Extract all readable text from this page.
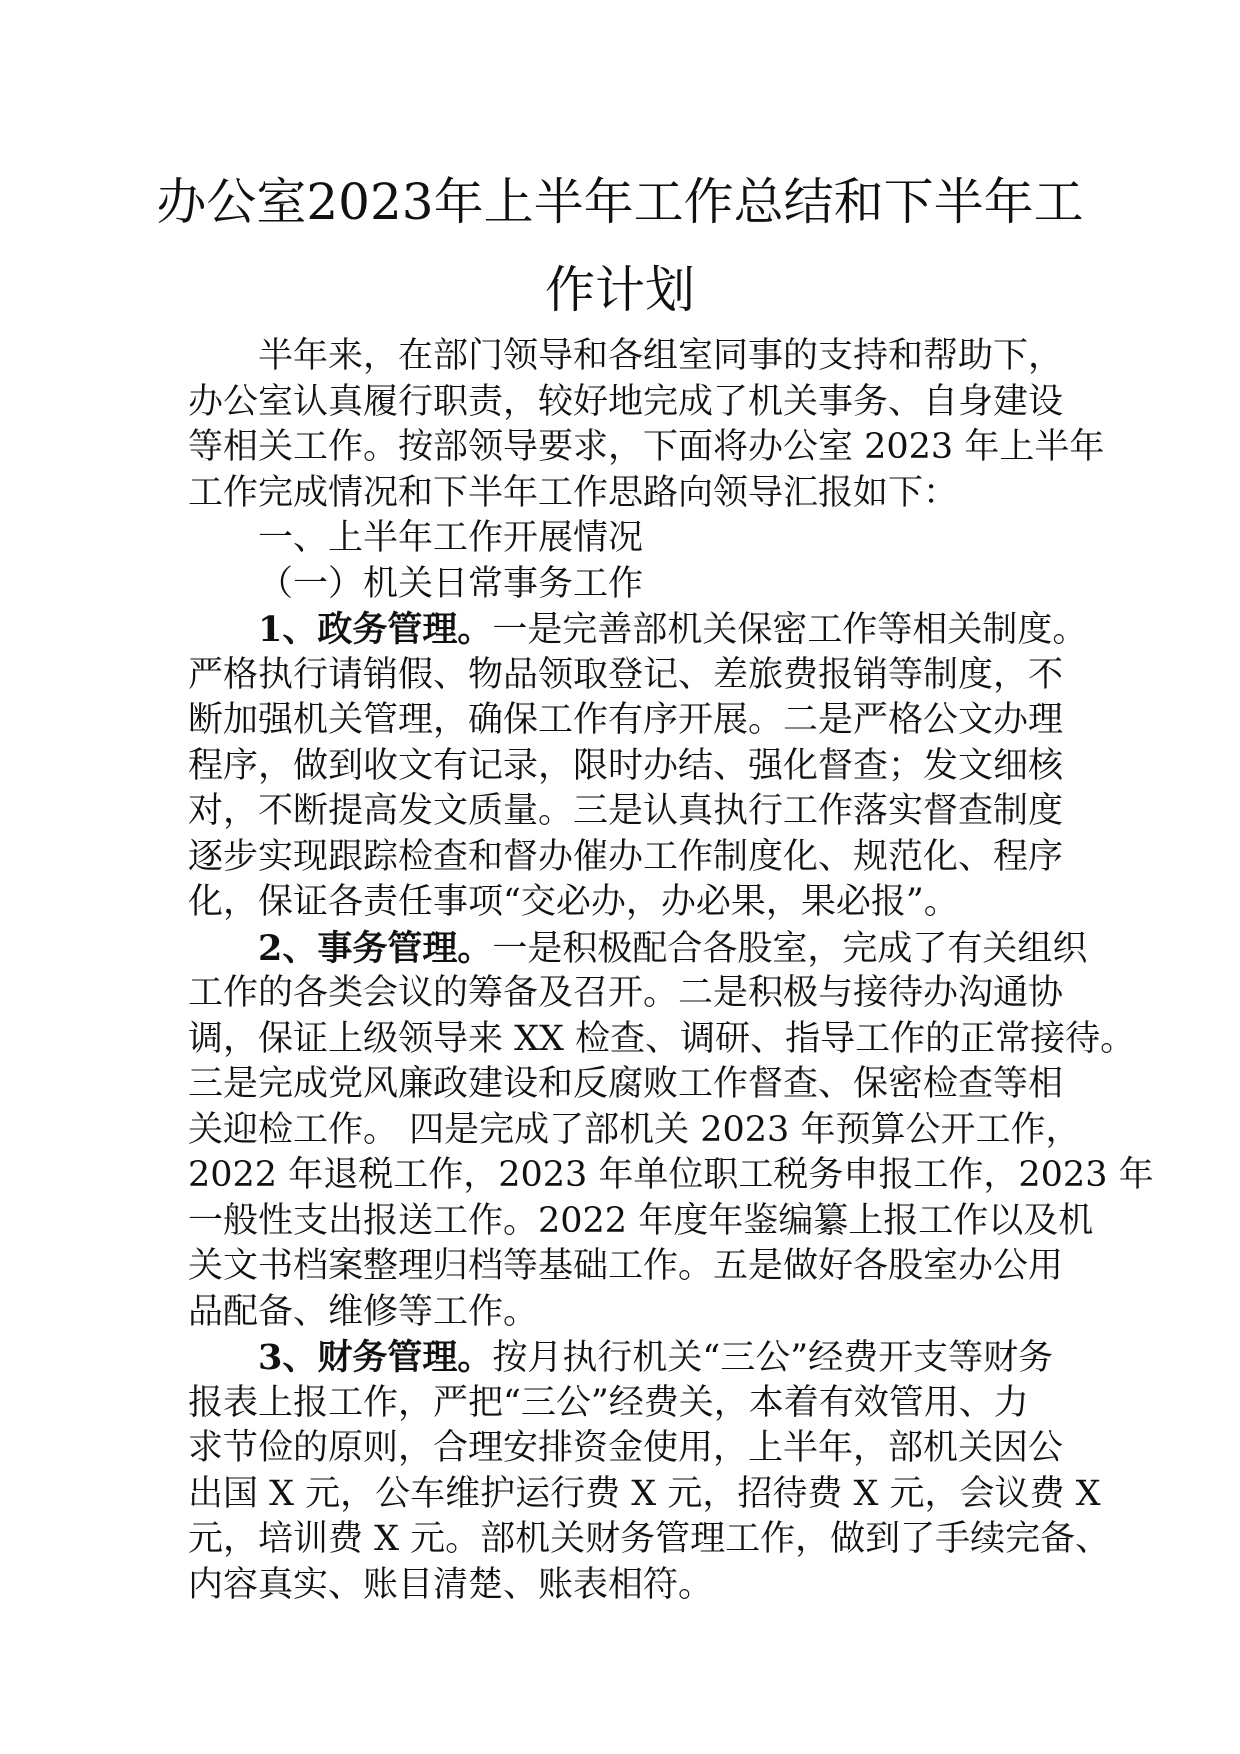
办公室2023年上半年工作总结和下半年工
作计划
半年来，在部门领导和各组室同事的支持和帮助下，
办公室认真履行职责，较好地完成了机关事务、自身建设
等相关工作。按部领导要求，下面将办公室 2023 年上半年
工作完成情况和下半年工作思路向领导汇报如下：
一、上半年工作开展情况
（一）机关日常事务工作
1、政务管理。一是完善部机关保密工作等相关制度。
严格执行请销假、物品领取登记、差旅费报销等制度，不
断加强机关管理，确保工作有序开展。二是严格公文办理
程序，做到收文有记录，限时办结、强化督查；发文细核
对，不断提高发文质量。三是认真执行工作落实督查制度
逐步实现跟踪检查和督办催办工作制度化、规范化、程序
化，保证各责任事项“交必办，办必果，果必报”。
2、事务管理。一是积极配合各股室，完成了有关组织
工作的各类会议的筹备及召开。二是积极与接待办沟通协
调，保证上级领导来 XX 检查、调研、指导工作的正常接待。
三是完成党风廉政建设和反腐败工作督查、保密检查等相
关迎检工作。 四是完成了部机关 2023 年预算公开工作，
2022 年退税工作，2023 年单位职工税务申报工作，2023 年
一般性支出报送工作。2022 年度年鉴编纂上报工作以及机
关文书档案整理归档等基础工作。五是做好各股室办公用
品配备、维修等工作。
3、财务管理。按月执行机关“三公”经费开支等财务
报表上报工作，严把“三公”经费关，本着有效管用、力
求节俭的原则，合理安排资金使用，上半年，部机关因公
出国 X 元，公车维护运行费 X 元，招待费 X 元，会议费 X
元，培训费 X 元。部机关财务管理工作，做到了手续完备、
内容真实、账目清楚、账表相符。
